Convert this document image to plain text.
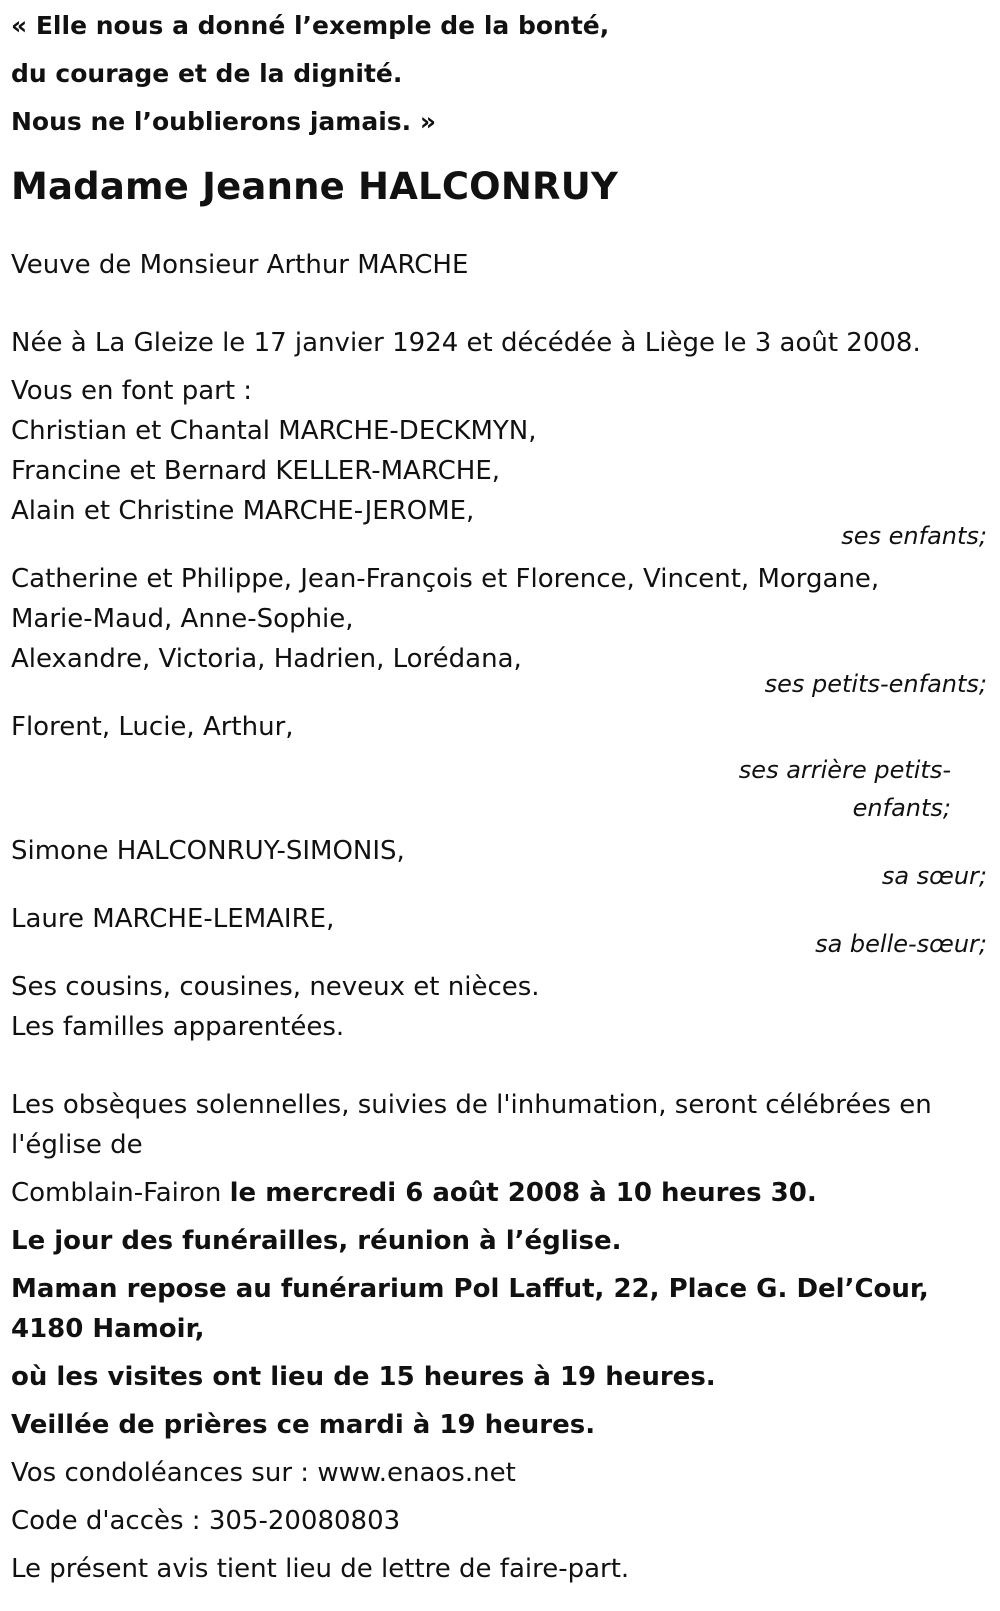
« Elle nous a donné l’exemple de la bonté,
du courage et de la dignité.
Nous ne l’oublierons jamais. »
Madame Jeanne HALCONRUY
Veuve de Monsieur Arthur MARCHE
Née à La Gleize le 17 janvier 1924 et décédée à Liège le 3 août 2008.
Vous en font part :
Christian et Chantal MARCHE-DECKMYN,
Francine et Bernard KELLER-MARCHE,
Alain et Christine MARCHE-JEROME,
ses enfants;
Catherine et Philippe, Jean-François et Florence, Vincent, Morgane,
Marie-Maud, Anne-Sophie,
Alexandre, Victoria, Hadrien, Lorédana,
ses petits-enfants;
Florent, Lucie, Arthur,
ses arrière petits-
enfants;
Simone HALCONRUY-SIMONIS,
sa sœur;
Laure MARCHE-LEMAIRE,
sa belle-sœur;
Ses cousins, cousines, neveux et nièces.
Les familles apparentées.
Les obsèques solennelles, suivies de l'inhumation, seront célébrées en l'église de
Comblain-Fairon le mercredi 6 août 2008 à 10 heures 30.
Le jour des funérailles, réunion à l’église.
Maman repose au funérarium Pol Laffut, 22, Place G. Del’Cour, 4180 Hamoir,
où les visites ont lieu de 15 heures à 19 heures.
Veillée de prières ce mardi à 19 heures.
Vos condoléances sur : www.enaos.net
Code d'accès : 305-20080803
Le présent avis tient lieu de lettre de faire-part.
